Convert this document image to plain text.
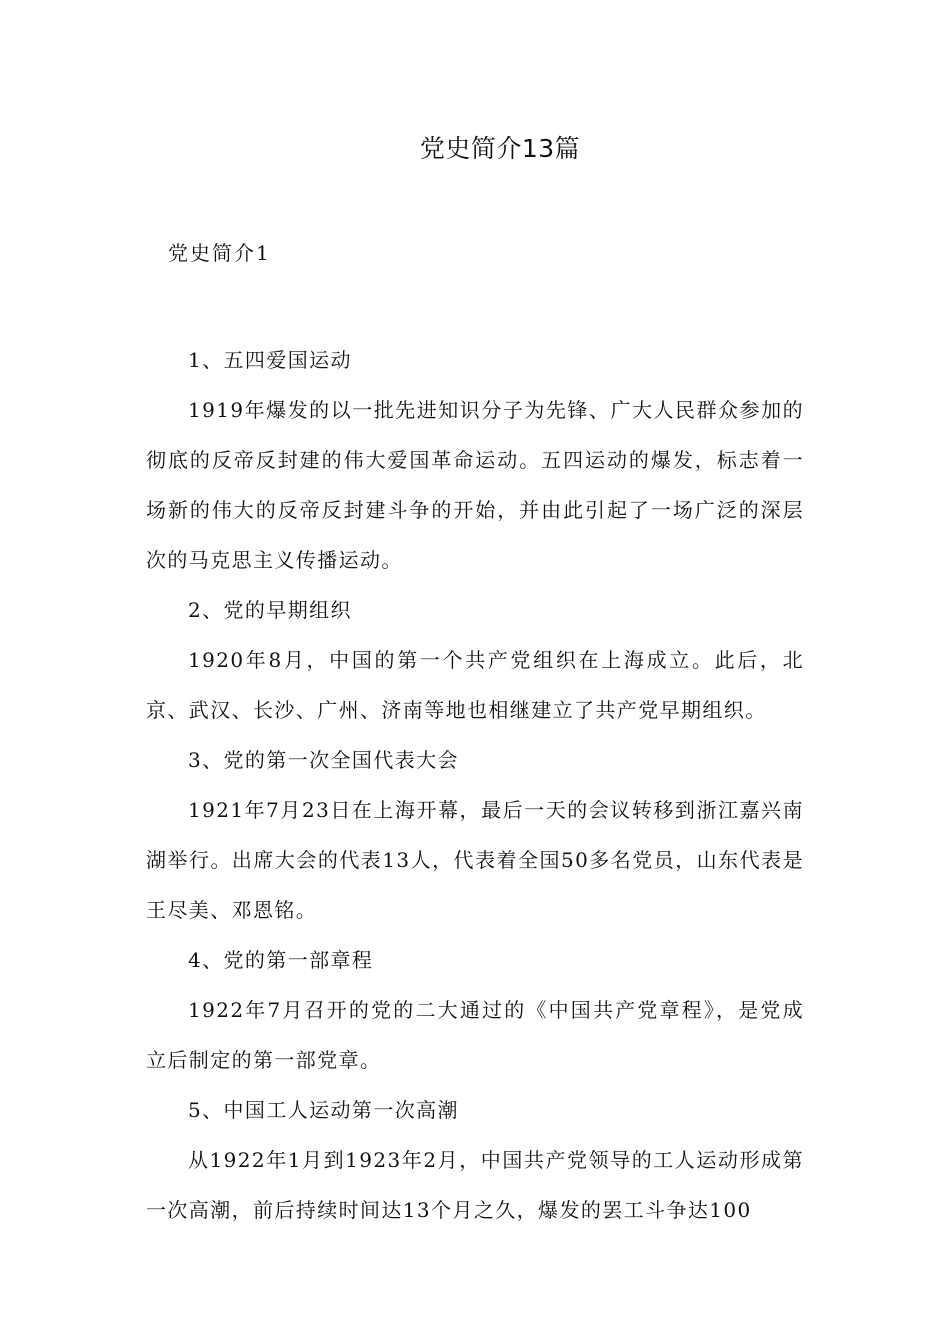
党史简介13篇
党史简介1

1、五四爱国运动

1919年爆发的以一批先进知识分子为先锋、广大人民群众参加的彻底的反帝反封建的伟大爱国革命运动。五四运动的爆发，标志着一场新的伟大的反帝反封建斗争的开始，并由此引起了一场广泛的深层次的马克思主义传播运动。

2、党的早期组织

1920年8月，中国的第一个共产党组织在上海成立。此后，北京、武汉、长沙、广州、济南等地也相继建立了共产党早期组织。

3、党的第一次全国代表大会

1921年7月23日在上海开幕，最后一天的会议转移到浙江嘉兴南湖举行。出席大会的代表13人，代表着全国50多名党员，山东代表是王尽美、邓恩铭。

4、党的第一部章程

1922年7月召开的党的二大通过的《中国共产党章程》，是党成立后制定的第一部党章。

5、中国工人运动第一次高潮

从1922年1月到1923年2月，中国共产党领导的工人运动形成第一次高潮，前后持续时间达13个月之久，爆发的罢工斗争达100
